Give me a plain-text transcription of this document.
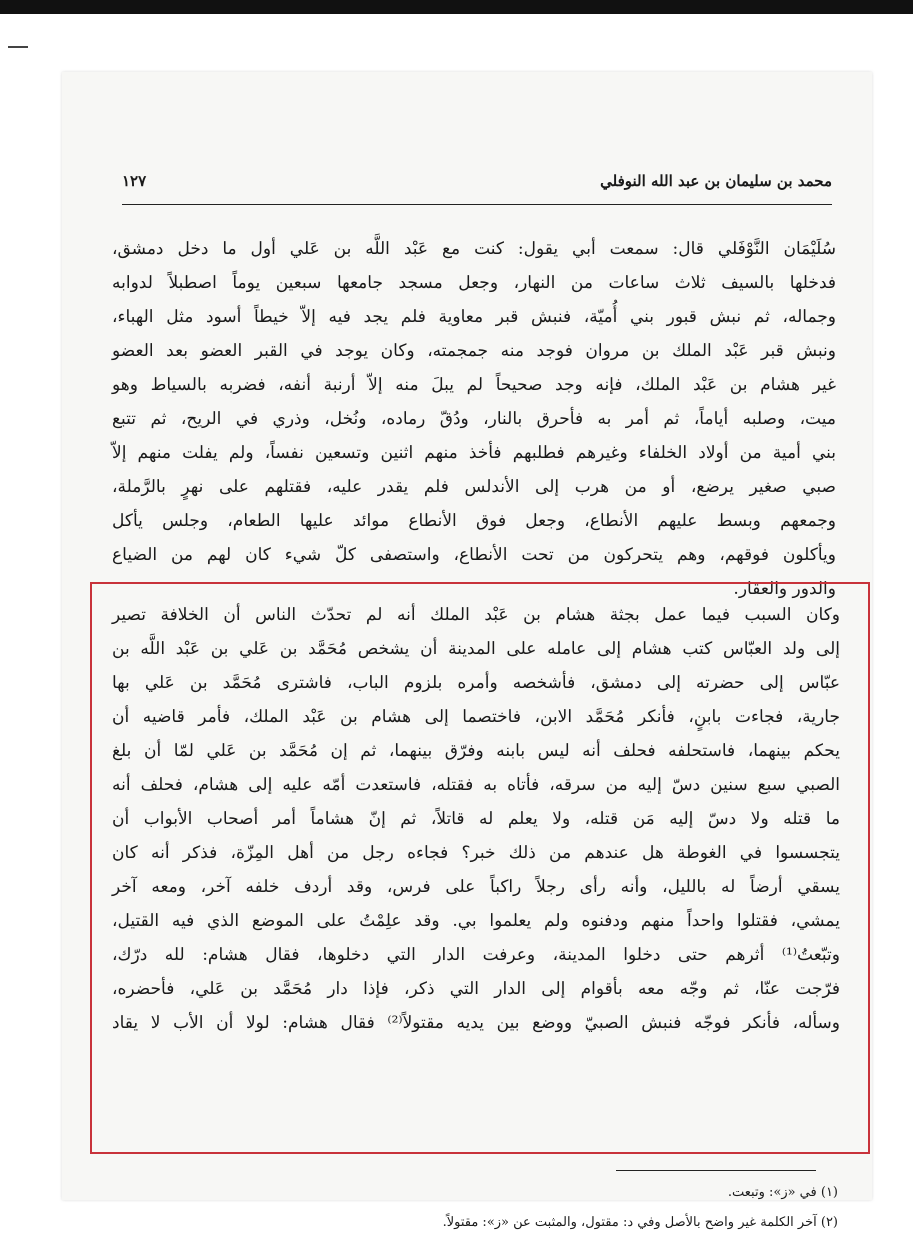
محمد بن سليمان بن عبد الله النوفلي
١٢٧
سُلَيْمَان النَّوْفَلي قال: سمعت أبي يقول: كنت مع عَبْد اللَّه بن عَلي أول ما دخل دمشق،
فدخلها بالسيف ثلاث ساعات من النهار، وجعل مسجد جامعها سبعين يوماً اصطبلاً لدوابه
وجماله، ثم نبش قبور بني أُميّة، فنبش قبر معاوية فلم يجد فيه إلاّ خيطاً أسود مثل الهباء،
ونبش قبر عَبْد الملك بن مروان فوجد منه جمجمته، وكان يوجد في القبر العضو بعد العضو
غير هشام بن عَبْد الملك، فإنه وجد صحيحاً لم يبلَ منه إلاّ أرنبة أنفه، فضربه بالسياط وهو
ميت، وصلبه أياماً، ثم أمر به فأحرق بالنار، ودُقّ رماده، ونُخل، وذري في الريح، ثم تتبع
بني أمية من أولاد الخلفاء وغيرهم فطلبهم فأخذ منهم اثنين وتسعين نفساً، ولم يفلت منهم إلاّ
صبي صغير يرضع، أو من هرب إلى الأندلس فلم يقدر عليه، فقتلهم على نهرٍ بالرَّملة،
وجمعهم وبسط عليهم الأنطاع، وجعل فوق الأنطاع موائد عليها الطعام، وجلس يأكل
ويأكلون فوقهم، وهم يتحركون من تحت الأنطاع، واستصفى كلّ شيء كان لهم من الضياع
والدور والعقار.
وكان السبب فيما عمل بجثة هشام بن عَبْد الملك أنه لم تحدّث الناس أن الخلافة تصير
إلى ولد العبّاس كتب هشام إلى عامله على المدينة أن يشخص مُحَمَّد بن عَلي بن عَبْد اللَّه بن
عبّاس إلى حضرته إلى دمشق، فأشخصه وأمره بلزوم الباب، فاشترى مُحَمَّد بن عَلي بها
جارية، فجاءت بابنٍ، فأنكر مُحَمَّد الابن، فاختصما إلى هشام بن عَبْد الملك، فأمر قاضيه أن
يحكم بينهما، فاستحلفه فحلف أنه ليس بابنه وفرّق بينهما، ثم إن مُحَمَّد بن عَلي لمّا أن بلغ
الصبي سبع سنين دسّ إليه من سرقه، فأتاه به فقتله، فاستعدت أمّه عليه إلى هشام، فحلف أنه
ما قتله ولا دسّ إليه مَن قتله، ولا يعلم له قاتلاً، ثم إنّ هشاماً أمر أصحاب الأبواب أن
يتجسسوا في الغوطة هل عندهم من ذلك خبر؟ فجاءه رجل من أهل المِزّة، فذكر أنه كان
يسقي أرضاً له بالليل، وأنه رأى رجلاً راكباً على فرس، وقد أردف خلفه آخر، ومعه آخر
يمشي، فقتلوا واحداً منهم ودفنوه ولم يعلموا بي. وقد علِمْتُ على الموضع الذي فيه القتيل،
وتبّعتُ⁽¹⁾ أثرهم حتى دخلوا المدينة، وعرفت الدار التي دخلوها، فقال هشام: لله درّك،
فرّجت عنّا، ثم وجّه معه بأقوام إلى الدار التي ذكر، فإذا دار مُحَمَّد بن عَلي، فأحضره،
وسأله، فأنكر فوجّه فنبش الصبيّ ووضع بين يديه مقتولاً⁽²⁾ فقال هشام: لولا أن الأب لا يقاد
(١) في «ز»: وتبعت.
(٢) آخر الكلمة غير واضح بالأصل وفي د: مقتول، والمثبت عن «ز»: مقتولاً.
